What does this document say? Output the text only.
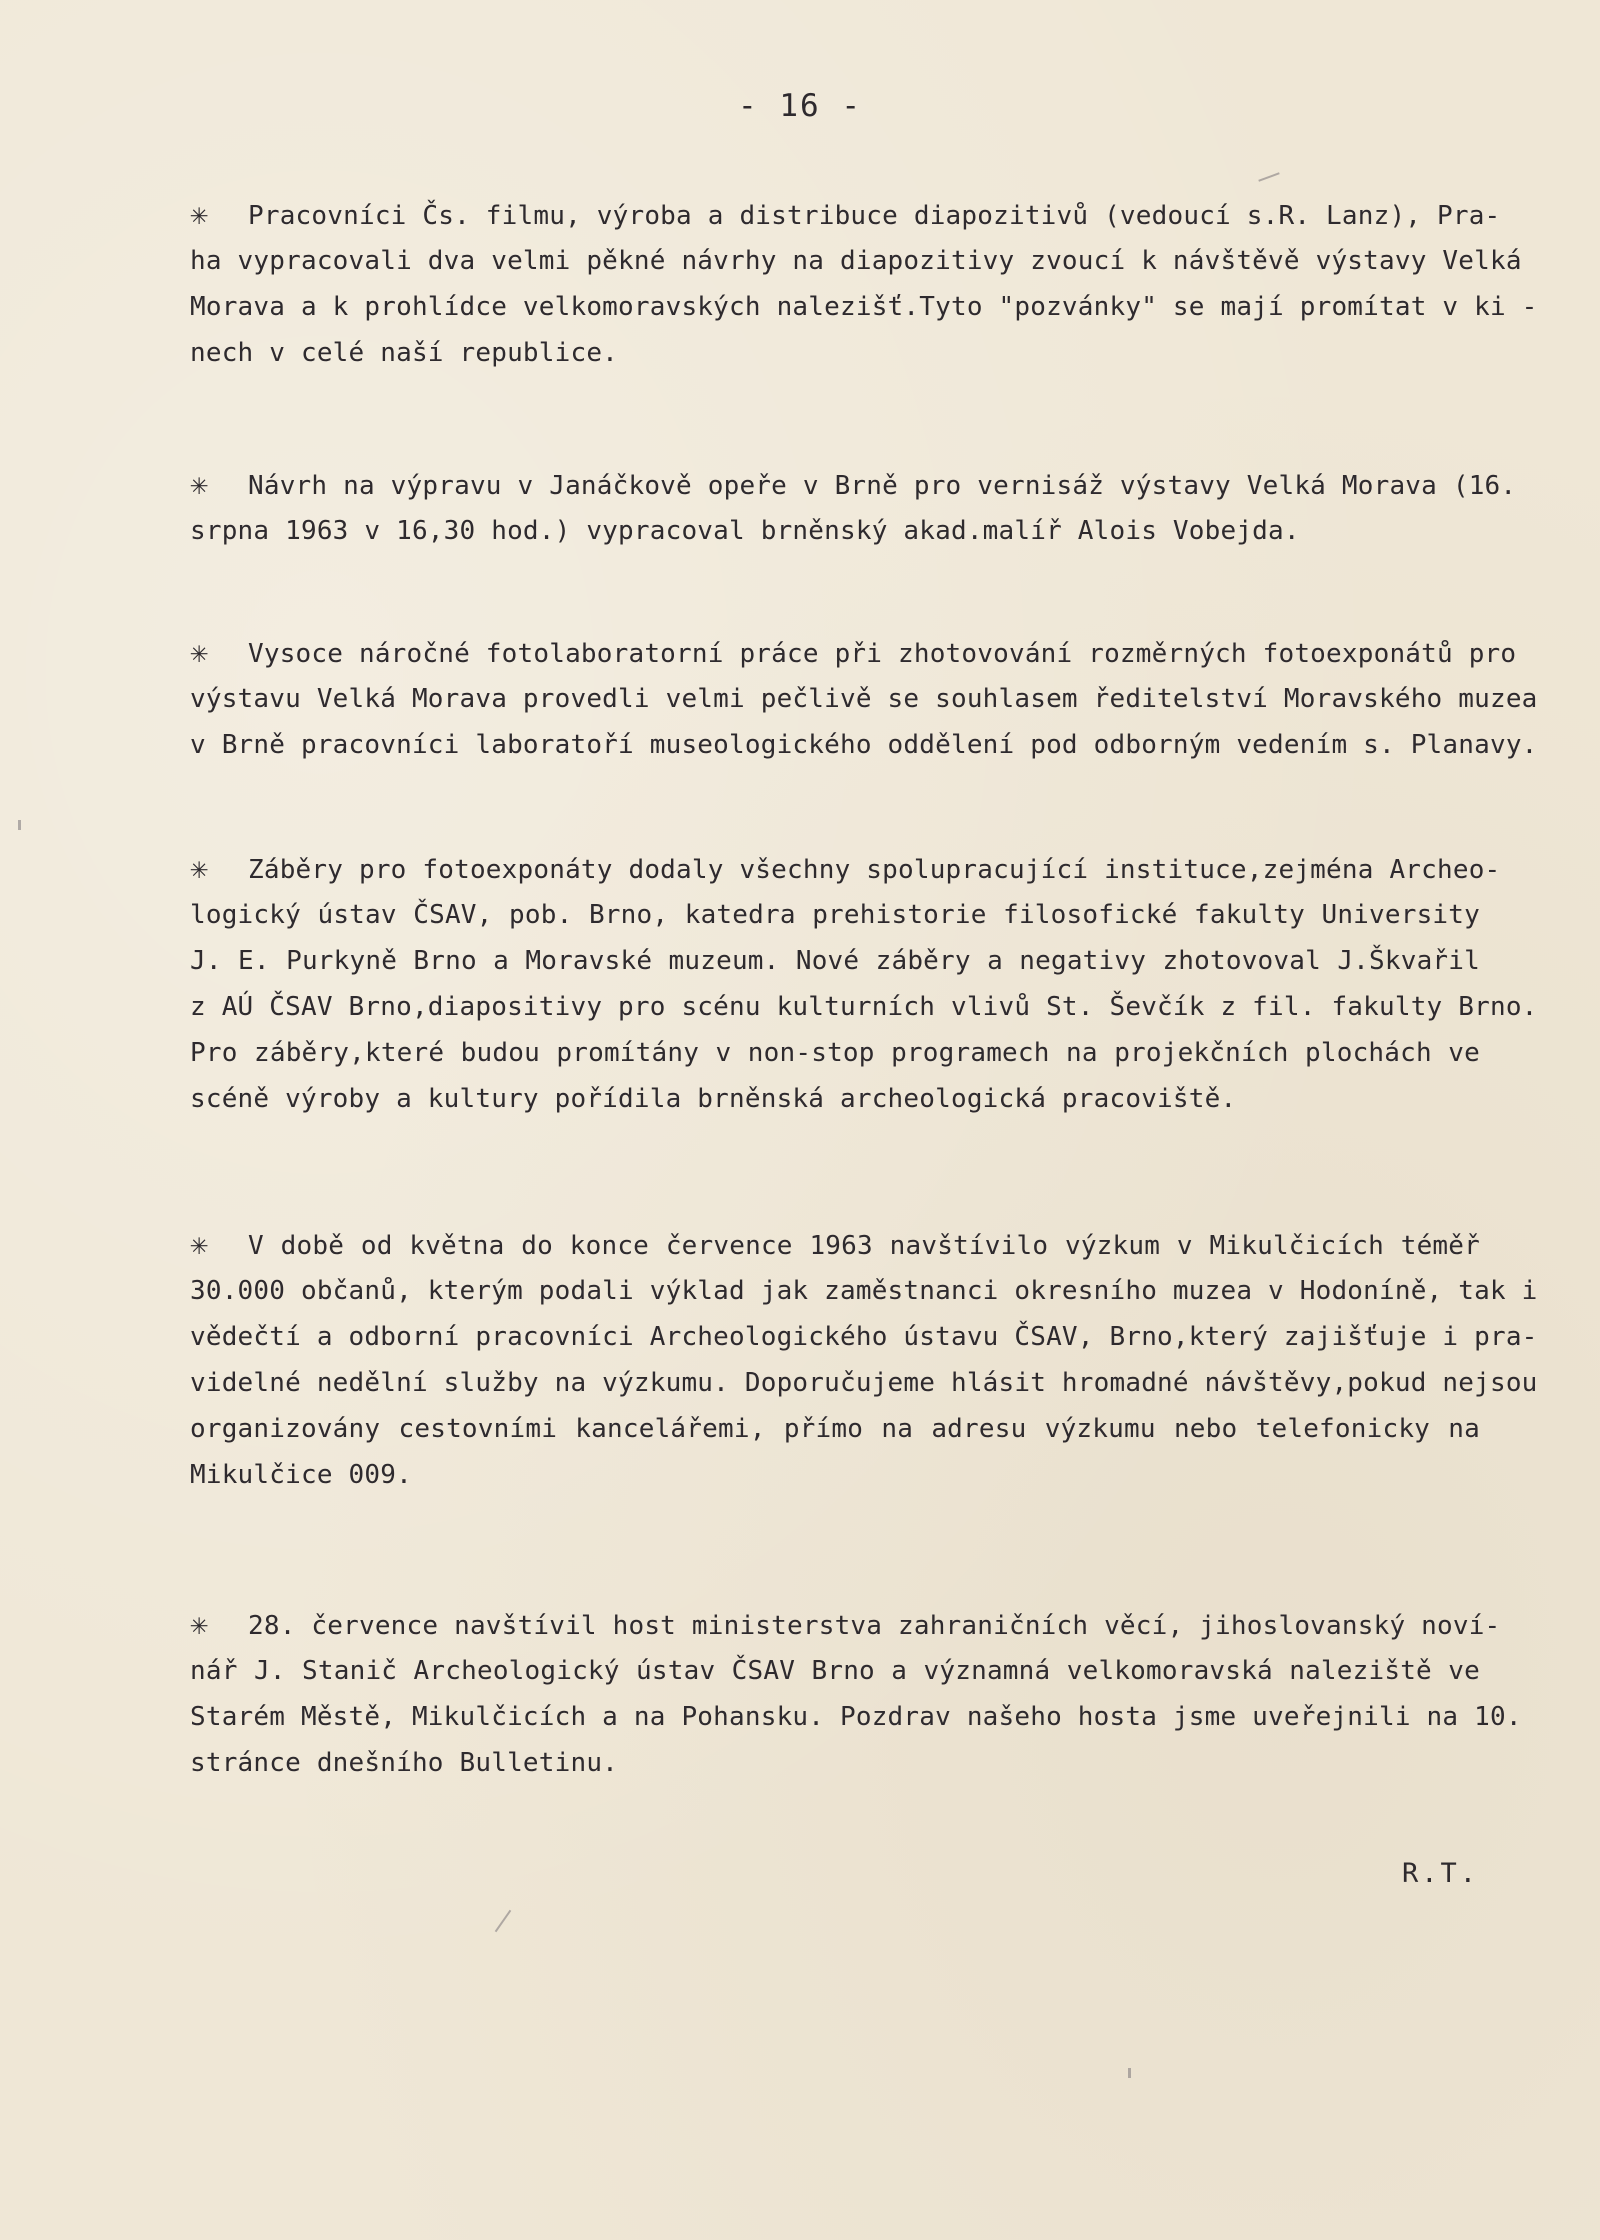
- 16 -
✳ Pracovníci Čs. filmu, výroba a distribuce diapozitivů (vedoucí s.R. Lanz), Pra-
ha vypracovali dva velmi pěkné návrhy na diapozitivy zvoucí k návštěvě výstavy Velká
Morava a k prohlídce velkomoravských nalezišť.Tyto "pozvánky" se mají promítat v ki -
nech v celé naší republice.
✳ Návrh na výpravu v Janáčkově opeře v Brně pro vernisáž výstavy Velká Morava (16.
srpna 1963 v 16,30 hod.) vypracoval brněnský akad.malíř Alois Vobejda.
✳ Vysoce náročné fotolaboratorní práce při zhotovování rozměrných fotoexponátů pro
výstavu Velká Morava provedli velmi pečlivě se souhlasem ředitelství Moravského muzea
v Brně pracovníci laboratoří museologického oddělení pod odborným vedením s. Planavy.
✳ Záběry pro fotoexponáty dodaly všechny spolupracující instituce,zejména Archeo-
logický ústav ČSAV, pob. Brno, katedra prehistorie filosofické fakulty University
J. E. Purkyně Brno a Moravské muzeum. Nové záběry a negativy zhotovoval J.Škvařil
z AÚ ČSAV Brno,diapositivy pro scénu kulturních vlivů St. Ševčík z fil. fakulty Brno.
Pro záběry,které budou promítány v non-stop programech na projekčních plochách ve
scéně výroby a kultury pořídila brněnská archeologická pracoviště.
✳ V době od května do konce července 1963 navštívilo výzkum v Mikulčicích téměř
30.000 občanů, kterým podali výklad jak zaměstnanci okresního muzea v Hodoníně, tak i
vědečtí a odborní pracovníci Archeologického ústavu ČSAV, Brno,který zajišťuje i pra-
videlné nedělní služby na výzkumu. Doporučujeme hlásit hromadné návštěvy,pokud nejsou
organizovány cestovními kancelářemi, přímo na adresu výzkumu nebo telefonicky na
Mikulčice 009.
✳ 28. července navštívil host ministerstva zahraničních věcí, jihoslovanský noví-
nář J. Stanič Archeologický ústav ČSAV Brno a významná velkomoravská naleziště ve
Starém Městě, Mikulčicích a na Pohansku. Pozdrav našeho hosta jsme uveřejnili na 10.
stránce dnešního Bulletinu.
R.T.
